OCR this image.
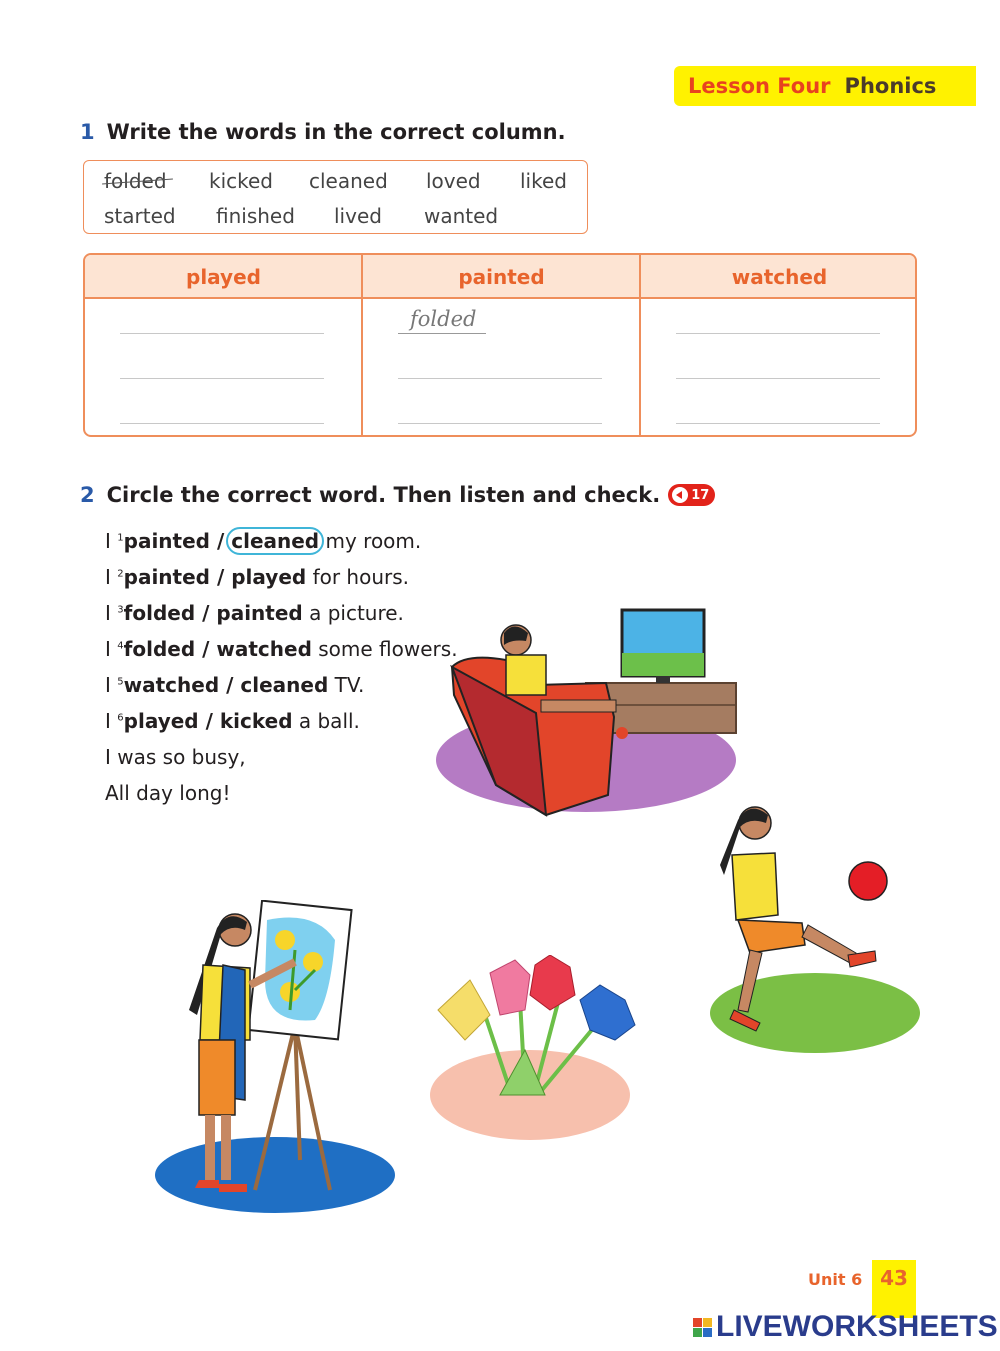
Lesson Four Phonics
1 Write the words in the correct column.
folded kicked cleaned loved liked
started finished lived wanted
played	painted	watched
folded
2 Circle the correct word. Then listen and check. 17
I $^1$painted / cleaned my room.
I $^2$painted / played for hours.
I $^3$folded / painted a picture.
I $^4$folded / watched some flowers.
I $^5$watched / cleaned TV.
I $^6$played / kicked a ball.
I was so busy,
All day long!
Unit 6 43
LIVEWORKSHEETS
